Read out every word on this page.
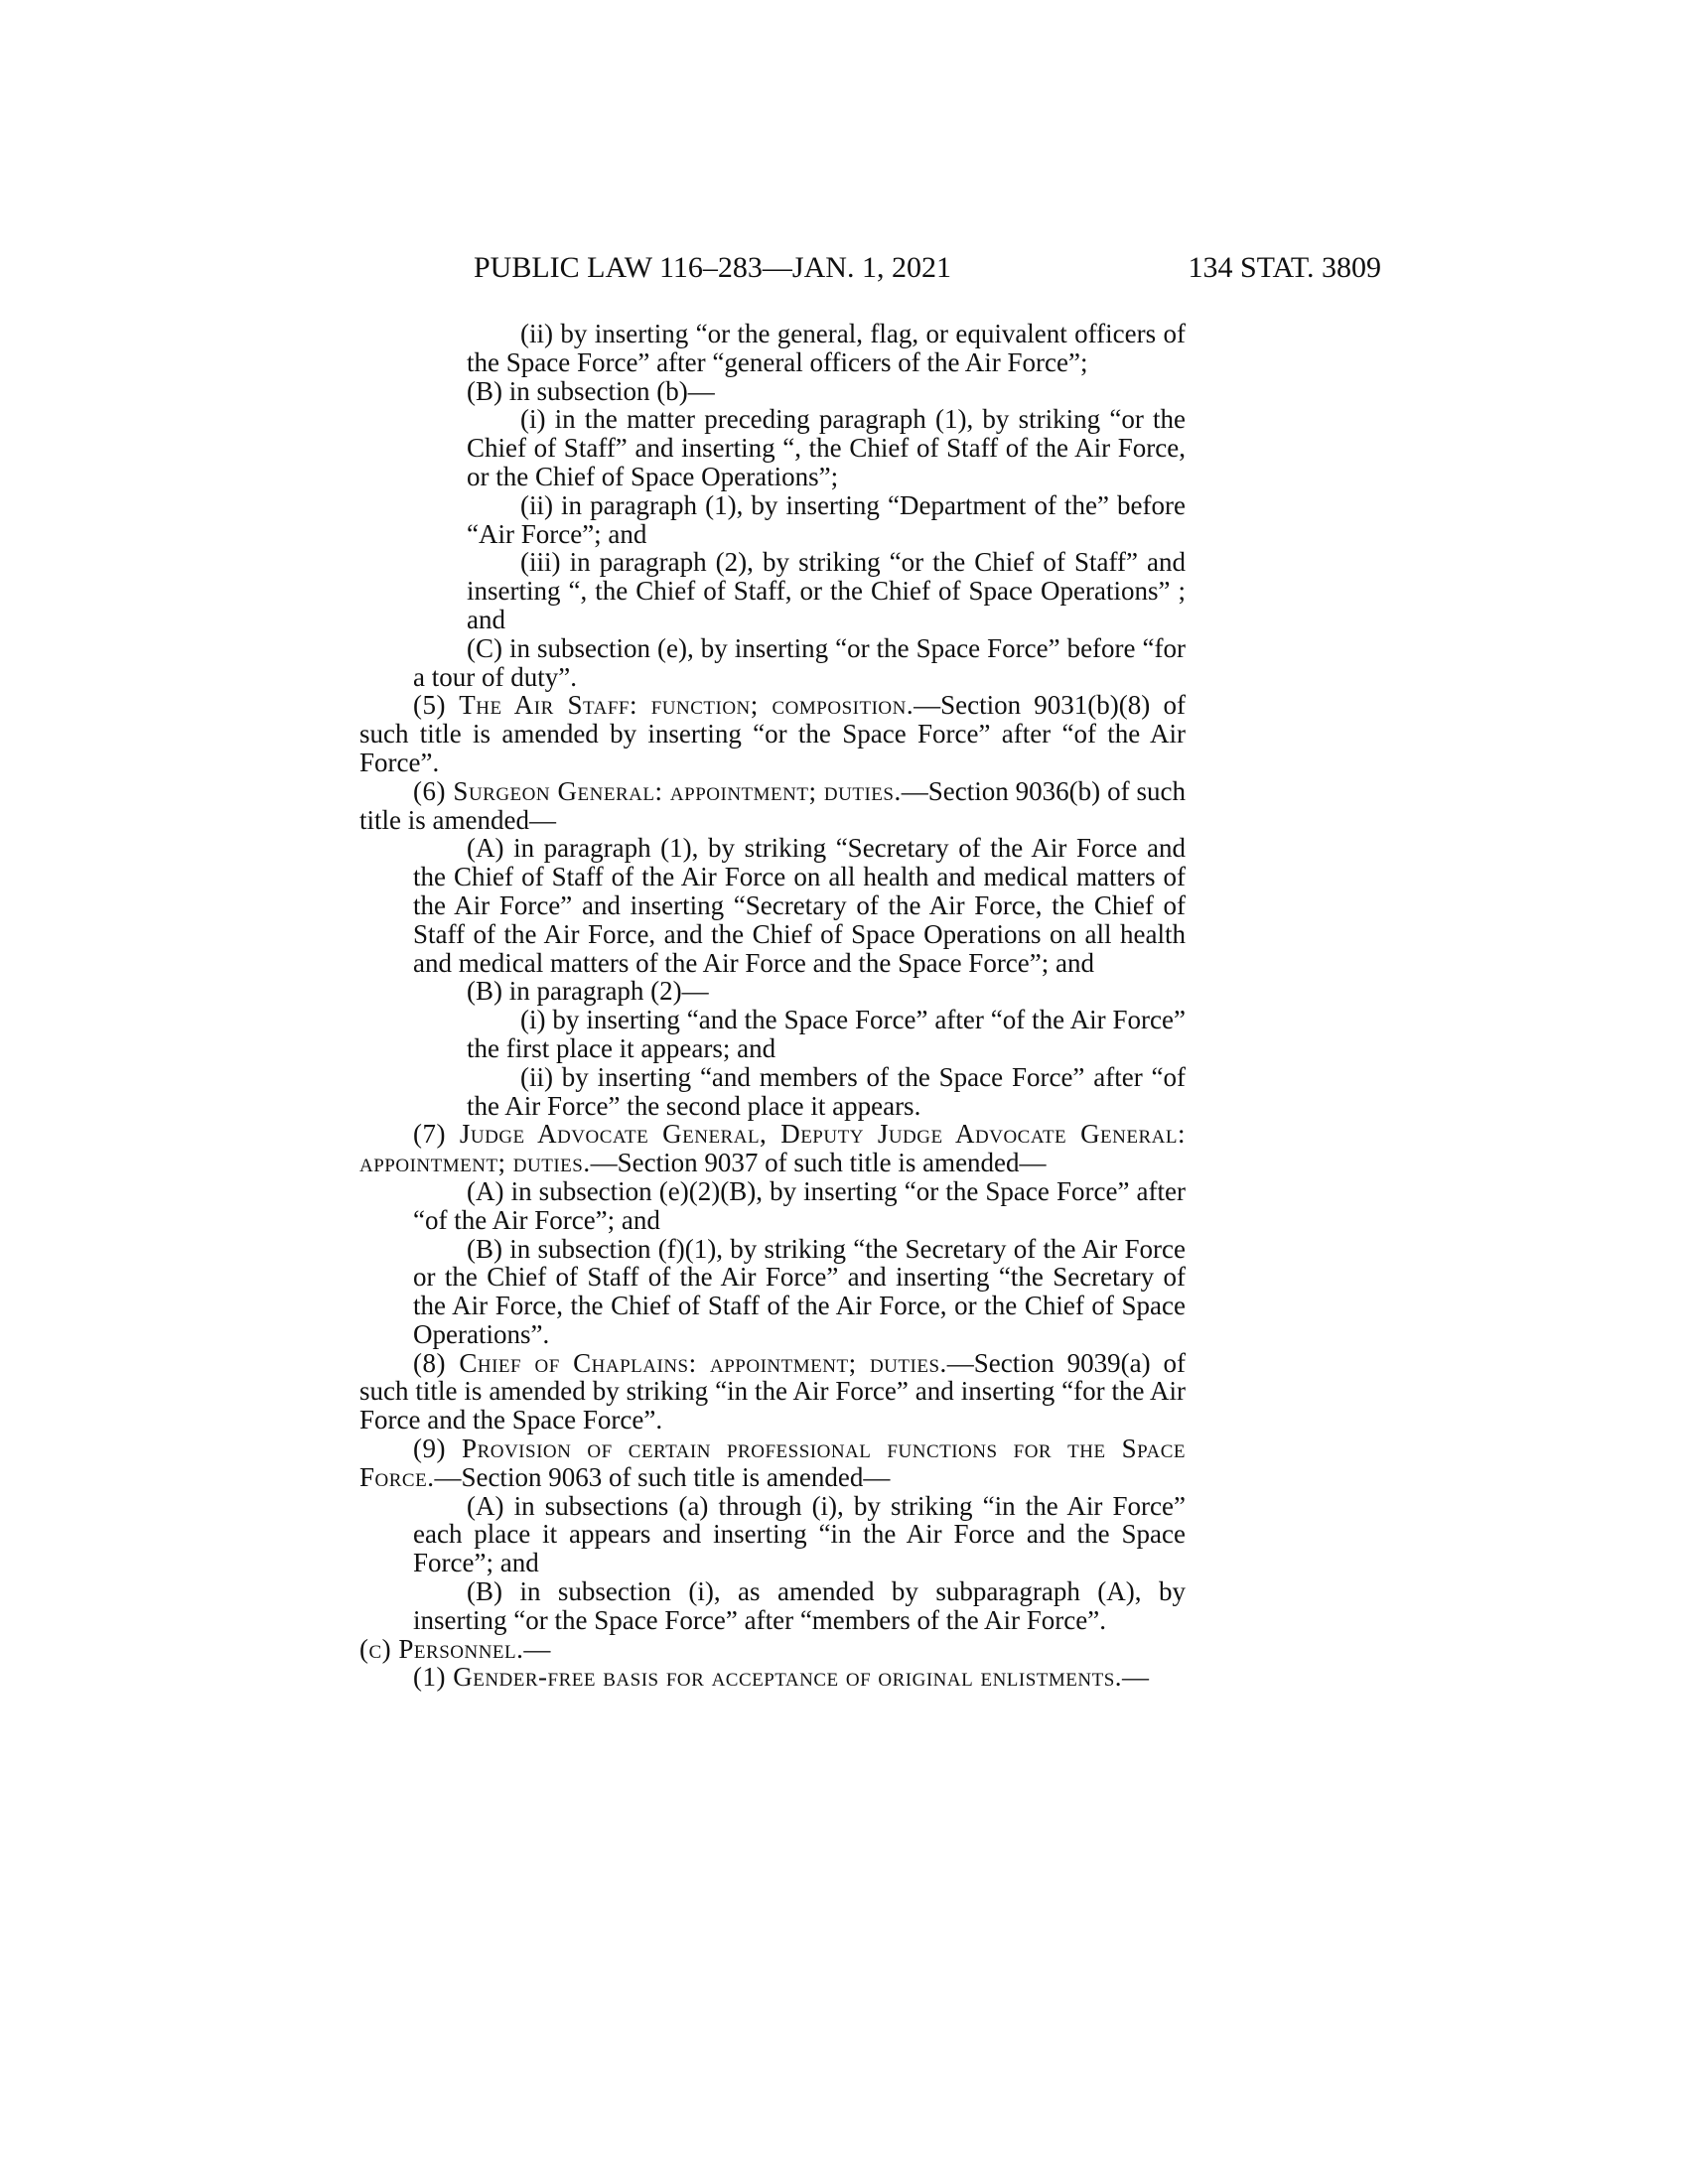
PUBLIC LAW 116–283—JAN. 1, 2021	134 STAT. 3809

(ii) by inserting “or the general, flag, or equivalent officers of the Space Force” after “general officers of the Air Force”;

(B) in subsection (b)—

(i) in the matter preceding paragraph (1), by striking “or the Chief of Staff” and inserting “, the Chief of Staff of the Air Force, or the Chief of Space Operations”;

(ii) in paragraph (1), by inserting “Department of the” before “Air Force”; and

(iii) in paragraph (2), by striking “or the Chief of Staff” and inserting “, the Chief of Staff, or the Chief of Space Operations” ; and

(C) in subsection (e), by inserting “or the Space Force” before “for a tour of duty”.

(5) The Air Staff: function; composition.—Section 9031(b)(8) of such title is amended by inserting “or the Space Force” after “of the Air Force”.

(6) Surgeon General: appointment; duties.—Section 9036(b) of such title is amended—

(A) in paragraph (1), by striking “Secretary of the Air Force and the Chief of Staff of the Air Force on all health and medical matters of the Air Force” and inserting “Secretary of the Air Force, the Chief of Staff of the Air Force, and the Chief of Space Operations on all health and medical matters of the Air Force and the Space Force”; and

(B) in paragraph (2)—

(i) by inserting “and the Space Force” after “of the Air Force” the first place it appears; and

(ii) by inserting “and members of the Space Force” after “of the Air Force” the second place it appears.

(7) Judge Advocate General, Deputy Judge Advocate General: appointment; duties.—Section 9037 of such title is amended—

(A) in subsection (e)(2)(B), by inserting “or the Space Force” after “of the Air Force”; and

(B) in subsection (f)(1), by striking “the Secretary of the Air Force or the Chief of Staff of the Air Force” and inserting “the Secretary of the Air Force, the Chief of Staff of the Air Force, or the Chief of Space Operations”.

(8) Chief of Chaplains: appointment; duties.—Section 9039(a) of such title is amended by striking “in the Air Force” and inserting “for the Air Force and the Space Force”.

(9) Provision of certain professional functions for the Space Force.—Section 9063 of such title is amended—

(A) in subsections (a) through (i), by striking “in the Air Force” each place it appears and inserting “in the Air Force and the Space Force”; and

(B) in subsection (i), as amended by subparagraph (A), by inserting “or the Space Force” after “members of the Air Force”.

(c) Personnel.—

(1) Gender-free basis for acceptance of original enlistments.—
